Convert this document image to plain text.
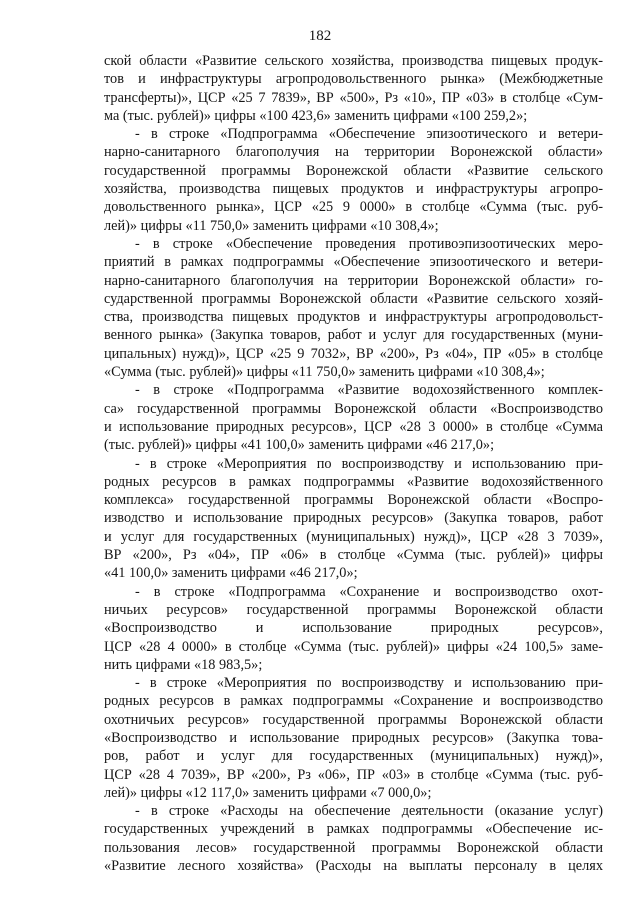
182
ской области «Развитие сельского хозяйства, производства пищевых продук-
тов и инфраструктуры агропродовольственного рынка» (Межбюджетные
трансферты)», ЦСР «25 7 7839», ВР «500», Рз «10», ПР «03» в столбце «Сум-
ма (тыс. рублей)» цифры «100 423,6» заменить цифрами «100 259,2»;
- в строке «Подпрограмма «Обеспечение эпизоотического и ветери-
нарно-санитарного благополучия на территории Воронежской области»
государственной программы Воронежской области «Развитие сельского
хозяйства, производства пищевых продуктов и инфраструктуры агропро-
довольственного рынка», ЦСР «25 9 0000» в столбце «Сумма (тыс. руб-
лей)» цифры «11 750,0» заменить цифрами «10 308,4»;
- в строке «Обеспечение проведения противоэпизоотических меро-
приятий в рамках подпрограммы «Обеспечение эпизоотического и ветери-
нарно-санитарного благополучия на территории Воронежской области» го-
сударственной программы Воронежской области «Развитие сельского хозяй-
ства, производства пищевых продуктов и инфраструктуры агропродовольст-
венного рынка» (Закупка товаров, работ и услуг для государственных (муни-
ципальных) нужд)», ЦСР «25 9 7032», ВР «200», Рз «04», ПР «05» в столбце
«Сумма (тыс. рублей)» цифры «11 750,0» заменить цифрами «10 308,4»;
- в строке «Подпрограмма «Развитие водохозяйственного комплек-
са» государственной программы Воронежской области «Воспроизводство
и использование природных ресурсов», ЦСР «28 3 0000» в столбце «Сумма
(тыс. рублей)» цифры «41 100,0» заменить цифрами «46 217,0»;
- в строке «Мероприятия по воспроизводству и использованию при-
родных ресурсов в рамках подпрограммы «Развитие водохозяйственного
комплекса» государственной программы Воронежской области «Воспро-
изводство и использование природных ресурсов» (Закупка товаров, работ
и услуг для государственных (муниципальных) нужд)», ЦСР «28 3 7039»,
ВР «200», Рз «04», ПР «06» в столбце «Сумма (тыс. рублей)» цифры
«41 100,0» заменить цифрами «46 217,0»;
- в строке «Подпрограмма «Сохранение и воспроизводство охот-
ничьих ресурсов» государственной программы Воронежской области
«Воспроизводство и использование природных ресурсов»,
ЦСР «28 4 0000» в столбце «Сумма (тыс. рублей)» цифры «24 100,5» заме-
нить цифрами «18 983,5»;
- в строке «Мероприятия по воспроизводству и использованию при-
родных ресурсов в рамках подпрограммы «Сохранение и воспроизводство
охотничьих ресурсов» государственной программы Воронежской области
«Воспроизводство и использование природных ресурсов» (Закупка това-
ров, работ и услуг для государственных (муниципальных) нужд)»,
ЦСР «28 4 7039», ВР «200», Рз «06», ПР «03» в столбце «Сумма (тыс. руб-
лей)» цифры «12 117,0» заменить цифрами «7 000,0»;
- в строке «Расходы на обеспечение деятельности (оказание услуг)
государственных учреждений в рамках подпрограммы «Обеспечение ис-
пользования лесов» государственной программы Воронежской области
«Развитие лесного хозяйства» (Расходы на выплаты персоналу в целях
